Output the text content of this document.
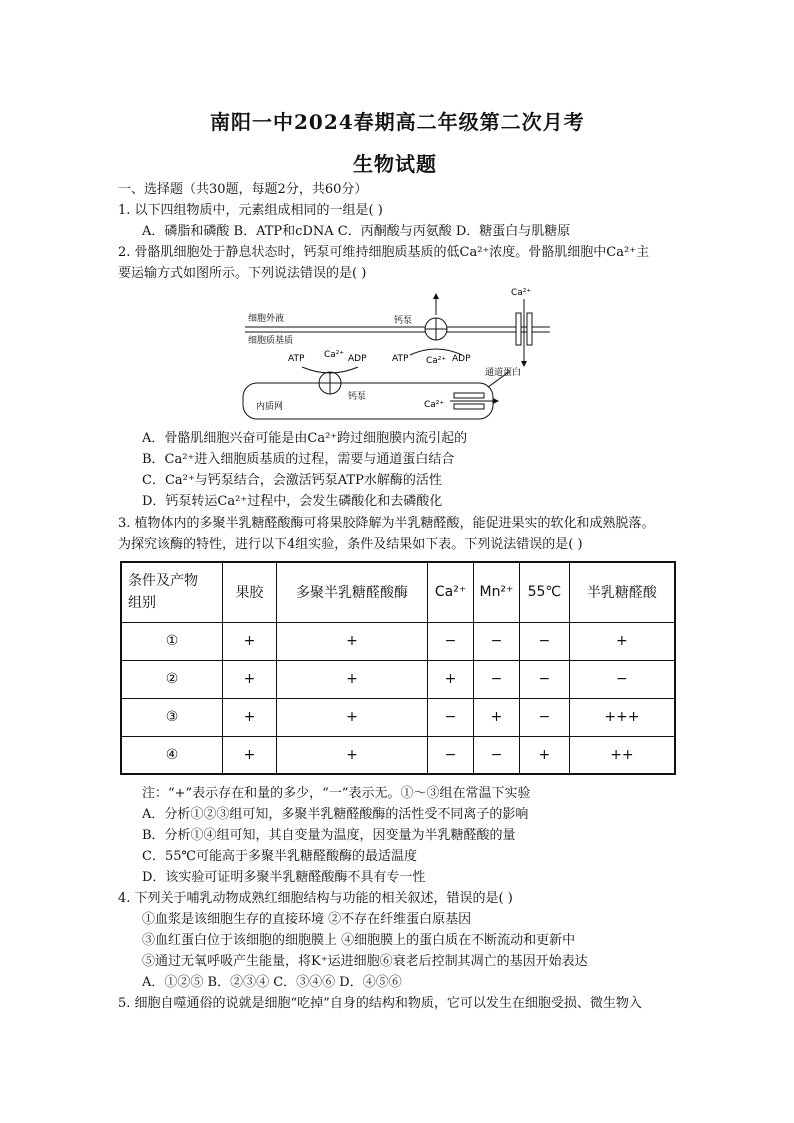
南阳一中2024春期高二年级第二次月考
生物试题
一、选择题（共30题，每题2分，共60分）
1. 以下四组物质中，元素组成相同的一组是( )
A．磷脂和磷酸 B．ATP和cDNA C．丙酮酸与丙氨酸 D．糖蛋白与肌糖原
2. 骨骼肌细胞处于静息状态时，钙泵可维持细胞质基质的低Ca²⁺浓度。骨骼肌细胞中Ca²⁺主
要运输方式如图所示。下列说法错误的是( )
细胞外液
细胞质基质
钙泵
ATP Ca²⁺ ADP
Ca²⁺
通道蛋白
内质网
Ca²⁺
ATP	ADP
钙泵
Ca²⁺
A．骨骼肌细胞兴奋可能是由Ca²⁺跨过细胞膜内流引起的
B．Ca²⁺进入细胞质基质的过程，需要与通道蛋白结合
C．Ca²⁺与钙泵结合，会激活钙泵ATP水解酶的活性
D．钙泵转运Ca²⁺过程中，会发生磷酸化和去磷酸化
3. 植物体内的多聚半乳糖醛酸酶可将果胶降解为半乳糖醛酸，能促进果实的软化和成熟脱落。
为探究该酶的特性，进行以下4组实验，条件及结果如下表。下列说法错误的是( )
条件及产物
组别	果胶	多聚半乳糖醛酸酶	Ca²⁺	Mn²⁺	55℃	半乳糖醛酸
①	+	+	−	−	−	+
②	+	+	+	−	−	−
③	+	+	−	+	−	+++
④	+	+	−	−	+	++
注：“+”表示存在和量的多少，“一”表示无。①～③组在常温下实验
A．分析①②③组可知，多聚半乳糖醛酸酶的活性受不同离子的影响
B．分析①④组可知，其自变量为温度，因变量为半乳糖醛酸的量
C．55℃可能高于多聚半乳糖醛酸酶的最适温度
D．该实验可证明多聚半乳糖醛酸酶不具有专一性
4. 下列关于哺乳动物成熟红细胞结构与功能的相关叙述，错误的是( )
①血浆是该细胞生存的直接环境 ②不存在纤维蛋白原基因
③血红蛋白位于该细胞的细胞膜上 ④细胞膜上的蛋白质在不断流动和更新中
⑤通过无氧呼吸产生能量，将K⁺运进细胞⑥衰老后控制其凋亡的基因开始表达
A．①②⑤ B．②③④ C．③④⑥ D．④⑤⑥
5. 细胞自噬通俗的说就是细胞“吃掉”自身的结构和物质，它可以发生在细胞受损、微生物入
